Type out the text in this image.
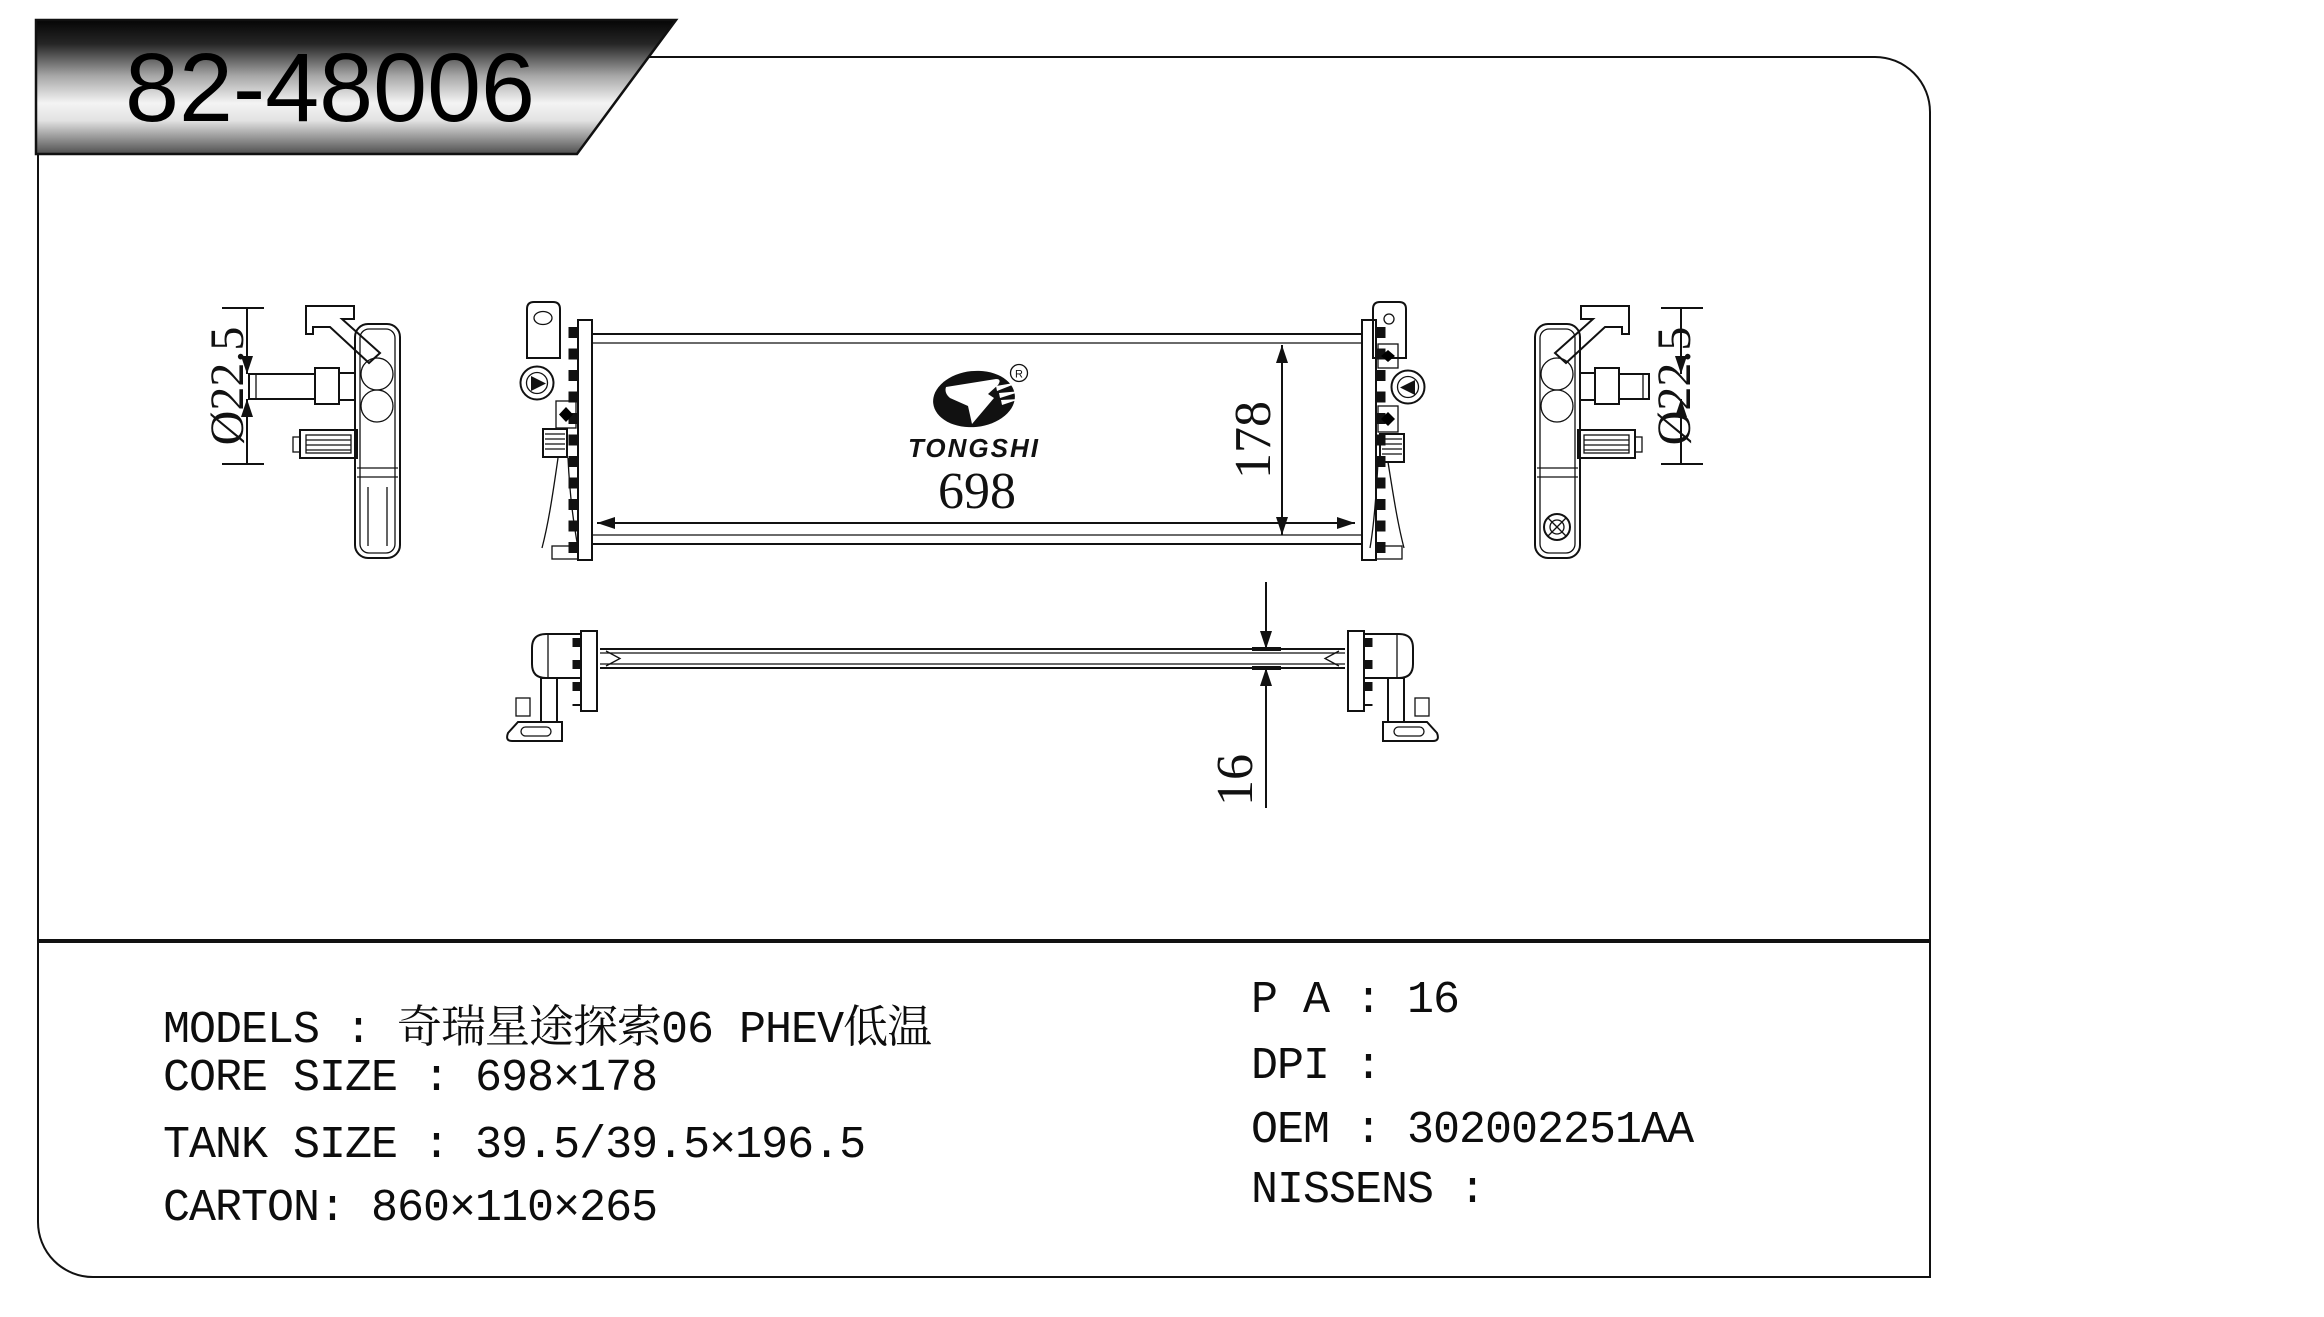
Ø22.5	Ø22.5
698
178
R
TONGSHI
16
82-48006
MODELS : 奇瑞星途探索06 PHEV低温
CORE SIZE : 698×178
TANK SIZE : 39.5/39.5×196.5
CARTON: 860×110×265
P A : 16
DPI :
OEM : 302002251AA
NISSENS :
